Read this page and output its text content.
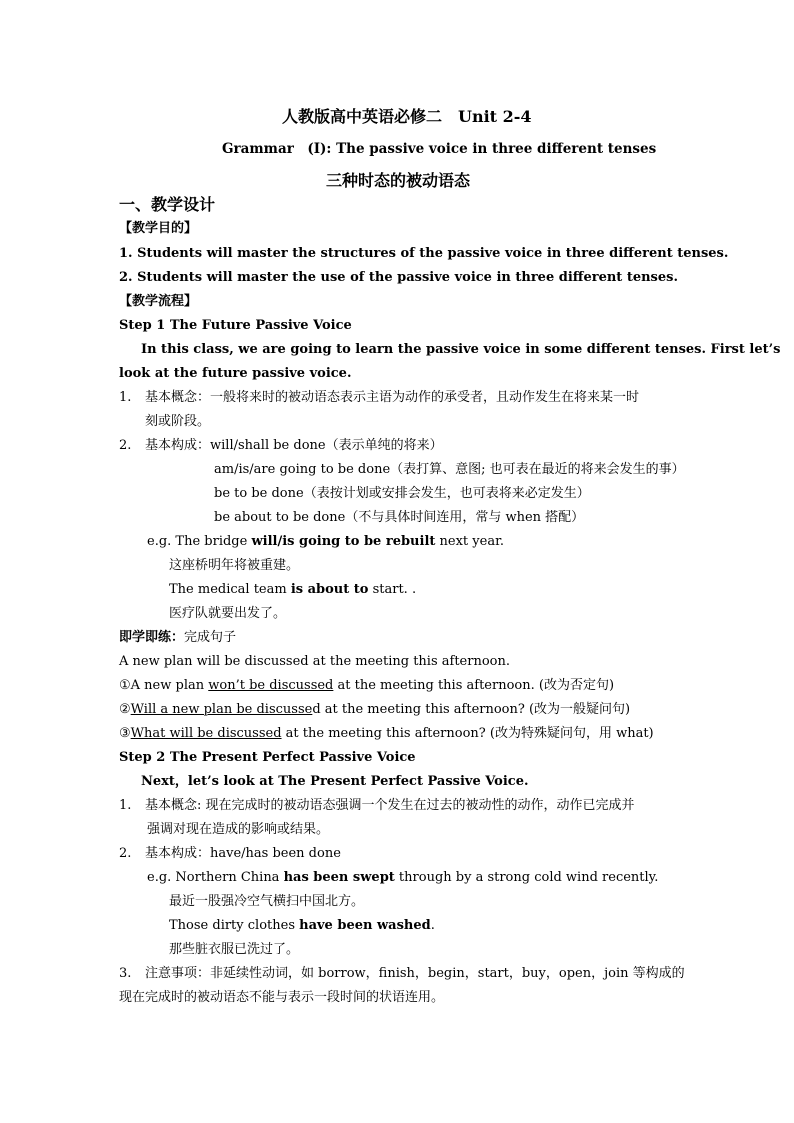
人教版高中英语必修二　Unit 2-4
Grammar　(I): The passive voice in three different tenses
三种时态的被动语态
一、教学设计
【教学目的】
1. Students will master the structures of the passive voice in three different tenses.
2. Students will master the use of the passive voice in three different tenses.
【教学流程】
Step 1 The Future Passive Voice
In this class, we are going to learn the passive voice in some different tenses. First let’s
look at the future passive voice.
1. 基本概念：一般将来时的被动语态表示主语为动作的承受者，且动作发生在将来某一时
刻或阶段。
2. 基本构成：will/shall be done（表示单纯的将来）
am/is/are going to be done（表打算、意图; 也可表在最近的将来会发生的事）
be to be done（表按计划或安排会发生，也可表将来必定发生）
be about to be done（不与具体时间连用，常与 when 搭配）
e.g. The bridge will/is going to be rebuilt next year.
这座桥明年将被重建。
The medical team is about to start. .
医疗队就要出发了。
即学即练：完成句子
A new plan will be discussed at the meeting this afternoon.
①A new plan won’t be discussed at the meeting this afternoon. (改为否定句)
②Will a new plan be discussed at the meeting this afternoon? (改为一般疑问句)
③What will be discussed at the meeting this afternoon? (改为特殊疑问句，用 what)
Step 2 The Present Perfect Passive Voice
Next，let’s look at The Present Perfect Passive Voice.
1. 基本概念: 现在完成时的被动语态强调一个发生在过去的被动性的动作，动作已完成并
强调对现在造成的影响或结果。
2. 基本构成：have/has been done
e.g. Northern China has been swept through by a strong cold wind recently.
最近一股强冷空气横扫中国北方。
Those dirty clothes have been washed.
那些脏衣服已洗过了。
3. 注意事项：非延续性动词，如 borrow，finish，begin，start，buy，open，join 等构成的
现在完成时的被动语态不能与表示一段时间的状语连用。
